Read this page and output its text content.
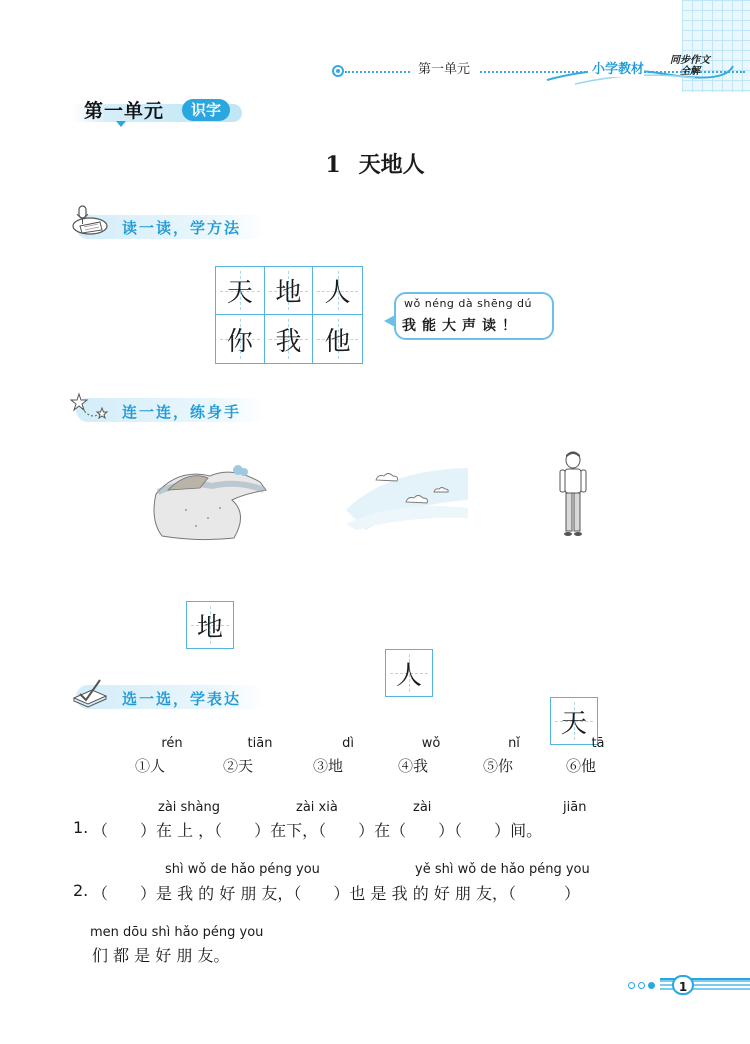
第一单元	小学教材
同步作文
全解
第一单元	识字
1 天地人
读一读，学方法
天 地 人
你 我 他
wǒ néng dà shēng dú
我能大声读！
连一连，练身手
地
人
天
选一选，学表达
rén
①人
tiān
②天
dì
③地
wǒ
④我
nǐ
⑤你
tā
⑥他
zài shàng	zài xià	zài	jiān
1. （　　）在 上 ，（　　）在下，（　　）在（　　）（　　）间。
shì wǒ de hǎo péng you	yě shì wǒ de hǎo péng you
2. （　　）是 我 的 好 朋 友，（　　）也 是 我 的 好 朋 友，（　　　）
men dōu shì hǎo péng you
们 都 是 好 朋 友。
1
